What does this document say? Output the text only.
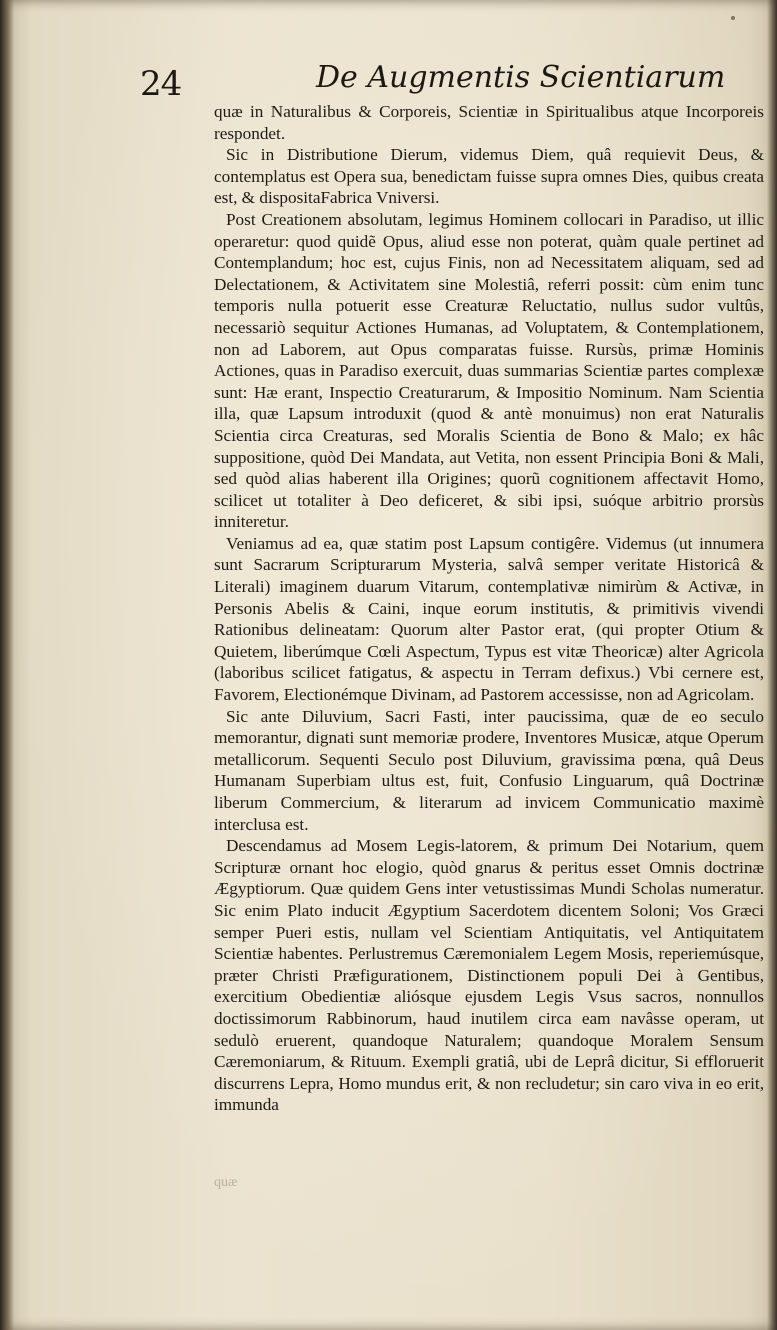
24	De Augmentis Scientiarum

quæ in Naturalibus & Corporeis, Scientiæ in Spiritualibus atque Incorporeis respondet.

Sic in Distributione Dierum, videmus Diem, quâ requievit Deus, & contemplatus est Opera sua, benedictam fuisse supra omnes Dies, quibus creata est, & dispositaFabrica Vniversi.

Post Creationem absolutam, legimus Hominem collocari in Paradiso, ut illic operaretur: quod quidẽ Opus, aliud esse non poterat, quàm quale pertinet ad Contemplandum; hoc est, cujus Finis, non ad Necessitatem aliquam, sed ad Delectationem, & Activitatem sine Molestiâ, referri possit: cùm enim tunc temporis nulla potuerit esse Creaturæ Reluctatio, nullus sudor vultûs, necessariò sequitur Actiones Humanas, ad Voluptatem, & Contemplationem, non ad Laborem, aut Opus comparatas fuisse. Rursùs, primæ Hominis Actiones, quas in Paradiso exercuit, duas summarias Scientiæ partes complexæ sunt: Hæ erant, Inspectio Creaturarum, & Impositio Nominum. Nam Scientia illa, quæ Lapsum introduxit (quod & antè monuimus) non erat Naturalis Scientia circa Creaturas, sed Moralis Scientia de Bono & Malo; ex hâc suppositione, quòd Dei Mandata, aut Vetita, non essent Principia Boni & Mali, sed quòd alias haberent illa Origines; quorũ cognitionem affectavit Homo, scilicet ut totaliter à Deo deficeret, & sibi ipsi, suóque arbitrio prorsùs inniteretur.

Veniamus ad ea, quæ statim post Lapsum contigêre. Videmus (ut innumera sunt Sacrarum Scripturarum Mysteria, salvâ semper veritate Historicâ & Literali) imaginem duarum Vitarum, contemplativæ nimirùm & Activæ, in Personis Abelis & Caini, inque eorum institutis, & primitivis vivendi Rationibus delineatam: Quorum alter Pastor erat, (qui propter Otium & Quietem, liberúmque Cœli Aspectum, Typus est vitæ Theoricæ) alter Agricola (laboribus scilicet fatigatus, & aspectu in Terram defixus.) Vbi cernere est, Favorem, Electionémque Divinam, ad Pastorem accessisse, non ad Agricolam.

Sic ante Diluvium, Sacri Fasti, inter paucissima, quæ de eo seculo memorantur, dignati sunt memoriæ prodere, Inventores Musicæ, atque Operum metallicorum. Sequenti Seculo post Diluvium, gravissima pœna, quâ Deus Humanam Superbiam ultus est, fuit, Confusio Linguarum, quâ Doctrinæ liberum Commercium, & literarum ad invicem Communicatio maximè interclusa est.

Descendamus ad Mosem Legis-latorem, & primum Dei Notarium, quem Scripturæ ornant hoc elogio, quòd gnarus & peritus esset Omnis doctrinæ Ægyptiorum. Quæ quidem Gens inter vetustissimas Mundi Scholas numeratur. Sic enim Plato inducit Ægyptium Sacerdotem dicentem Soloni; Vos Græci semper Pueri estis, nullam vel Scientiam Antiquitatis, vel Antiquitatem Scientiæ habentes. Perlustremus Cæremonialem Legem Mosis, reperiemúsque, præter Christi Præfigurationem, Distinctionem populi Dei à Gentibus, exercitium Obedientiæ aliósque ejusdem Legis Vsus sacros, nonnullos doctissimorum Rabbinorum, haud inutilem circa eam navâsse operam, ut sedulò eruerent, quandoque Naturalem; quandoque Moralem Sensum Cæremoniarum, & Rituum. Exempli gratiâ, ubi de Leprâ dicitur, Si effloruerit discurrens Lepra, Homo mundus erit, & non recludetur; sin caro viva in eo erit, immunda

quæ
